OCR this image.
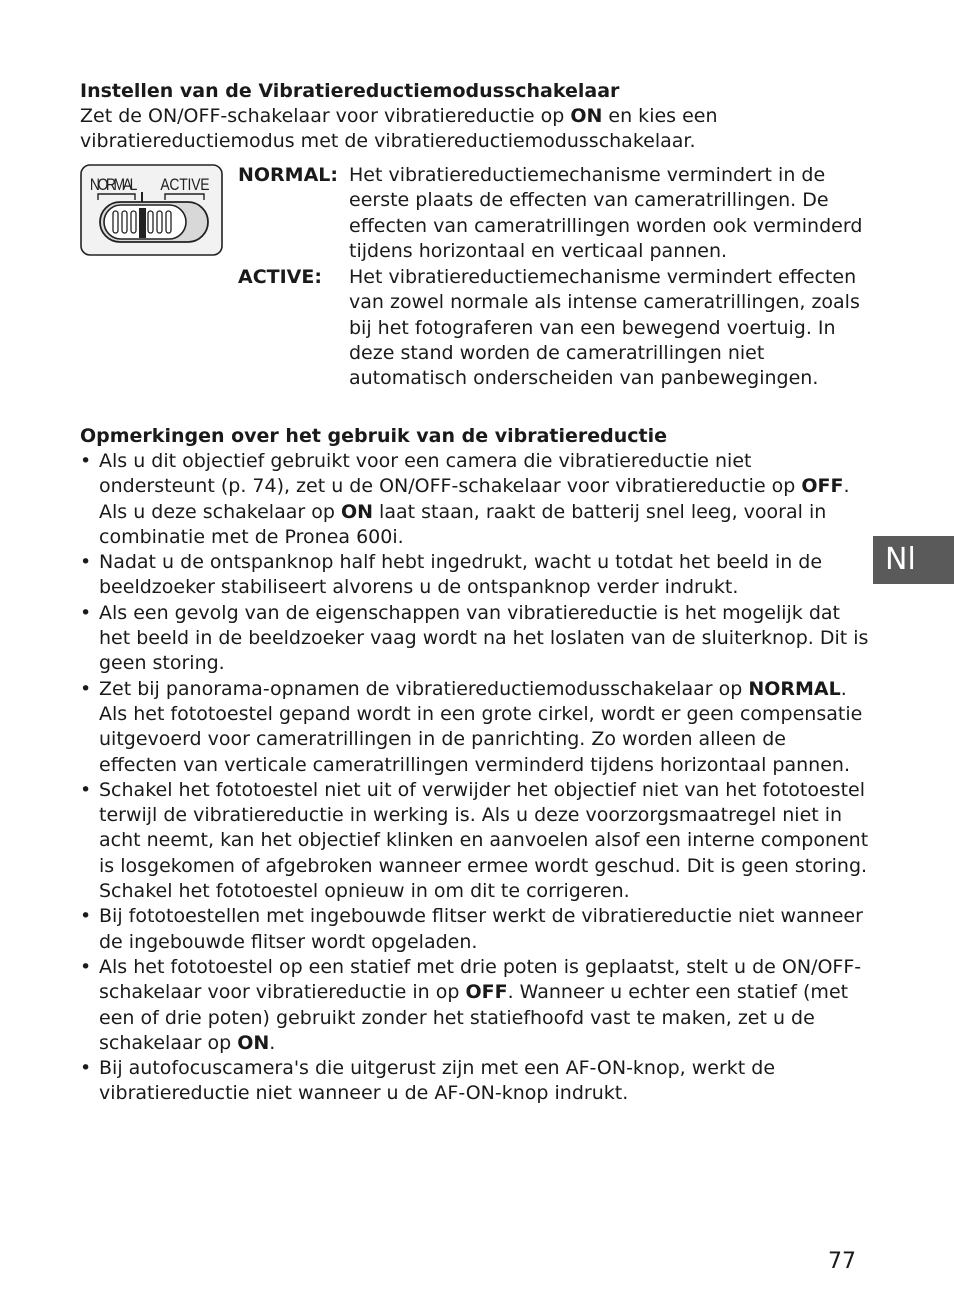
Instellen van de Vibratiereductiemodusschakelaar

Zet de ON/OFF-schakelaar voor vibratiereductie op ON en kies een vibratiereductiemodus met de vibratiereductiemodusschakelaar.

NORMAL ACTIVE NORMAL: Het vibratiereductiemechanisme vermindert in de eerste plaats de effecten van cameratrillingen. De effecten van cameratrillingen worden ook verminderd tijdens horizontaal en verticaal pannen.

ACTIVE: Het vibratiereductiemechanisme vermindert effecten van zowel normale als intense cameratrillingen, zoals bij het fotograferen van een bewegend voertuig. In deze stand worden de cameratrillingen niet automatisch onderscheiden van panbewegingen.

Opmerkingen over het gebruik van de vibratiereductie
• Als u dit objectief gebruikt voor een camera die vibratiereductie niet ondersteunt (p. 74), zet u de ON/OFF-schakelaar voor vibratiereductie op OFF. Als u deze schakelaar op ON laat staan, raakt de batterij snel leeg, vooral in combinatie met de Pronea 600i.
• Nadat u de ontspanknop half hebt ingedrukt, wacht u totdat het beeld in de beeldzoeker stabiliseert alvorens u de ontspanknop verder indrukt.
• Als een gevolg van de eigenschappen van vibratiereductie is het mogelijk dat het beeld in de beeldzoeker vaag wordt na het loslaten van de sluiterknop. Dit is geen storing.
• Zet bij panorama-opnamen de vibratiereductiemodusschakelaar op NORMAL. Als het fototoestel gepand wordt in een grote cirkel, wordt er geen compensatie uitgevoerd voor cameratrillingen in de panrichting. Zo worden alleen de effecten van verticale cameratrillingen verminderd tijdens horizontaal pannen.
• Schakel het fototoestel niet uit of verwijder het objectief niet van het fototoestel terwijl de vibratiereductie in werking is. Als u deze voorzorgsmaatregel niet in acht neemt, kan het objectief klinken en aanvoelen alsof een interne component is losgekomen of afgebroken wanneer ermee wordt geschud. Dit is geen storing. Schakel het fototoestel opnieuw in om dit te corrigeren.
• Bij fototoestellen met ingebouwde flitser werkt de vibratiereductie niet wanneer de ingebouwde flitser wordt opgeladen.
• Als het fototoestel op een statief met drie poten is geplaatst, stelt u de ON/OFF-schakelaar voor vibratiereductie in op OFF. Wanneer u echter een statief (met een of drie poten) gebruikt zonder het statiefhoofd vast te maken, zet u de schakelaar op ON.
• Bij autofocuscamera's die uitgerust zijn met een AF-ON-knop, werkt de vibratiereductie niet wanneer u de AF-ON-knop indrukt.
Nl
77
